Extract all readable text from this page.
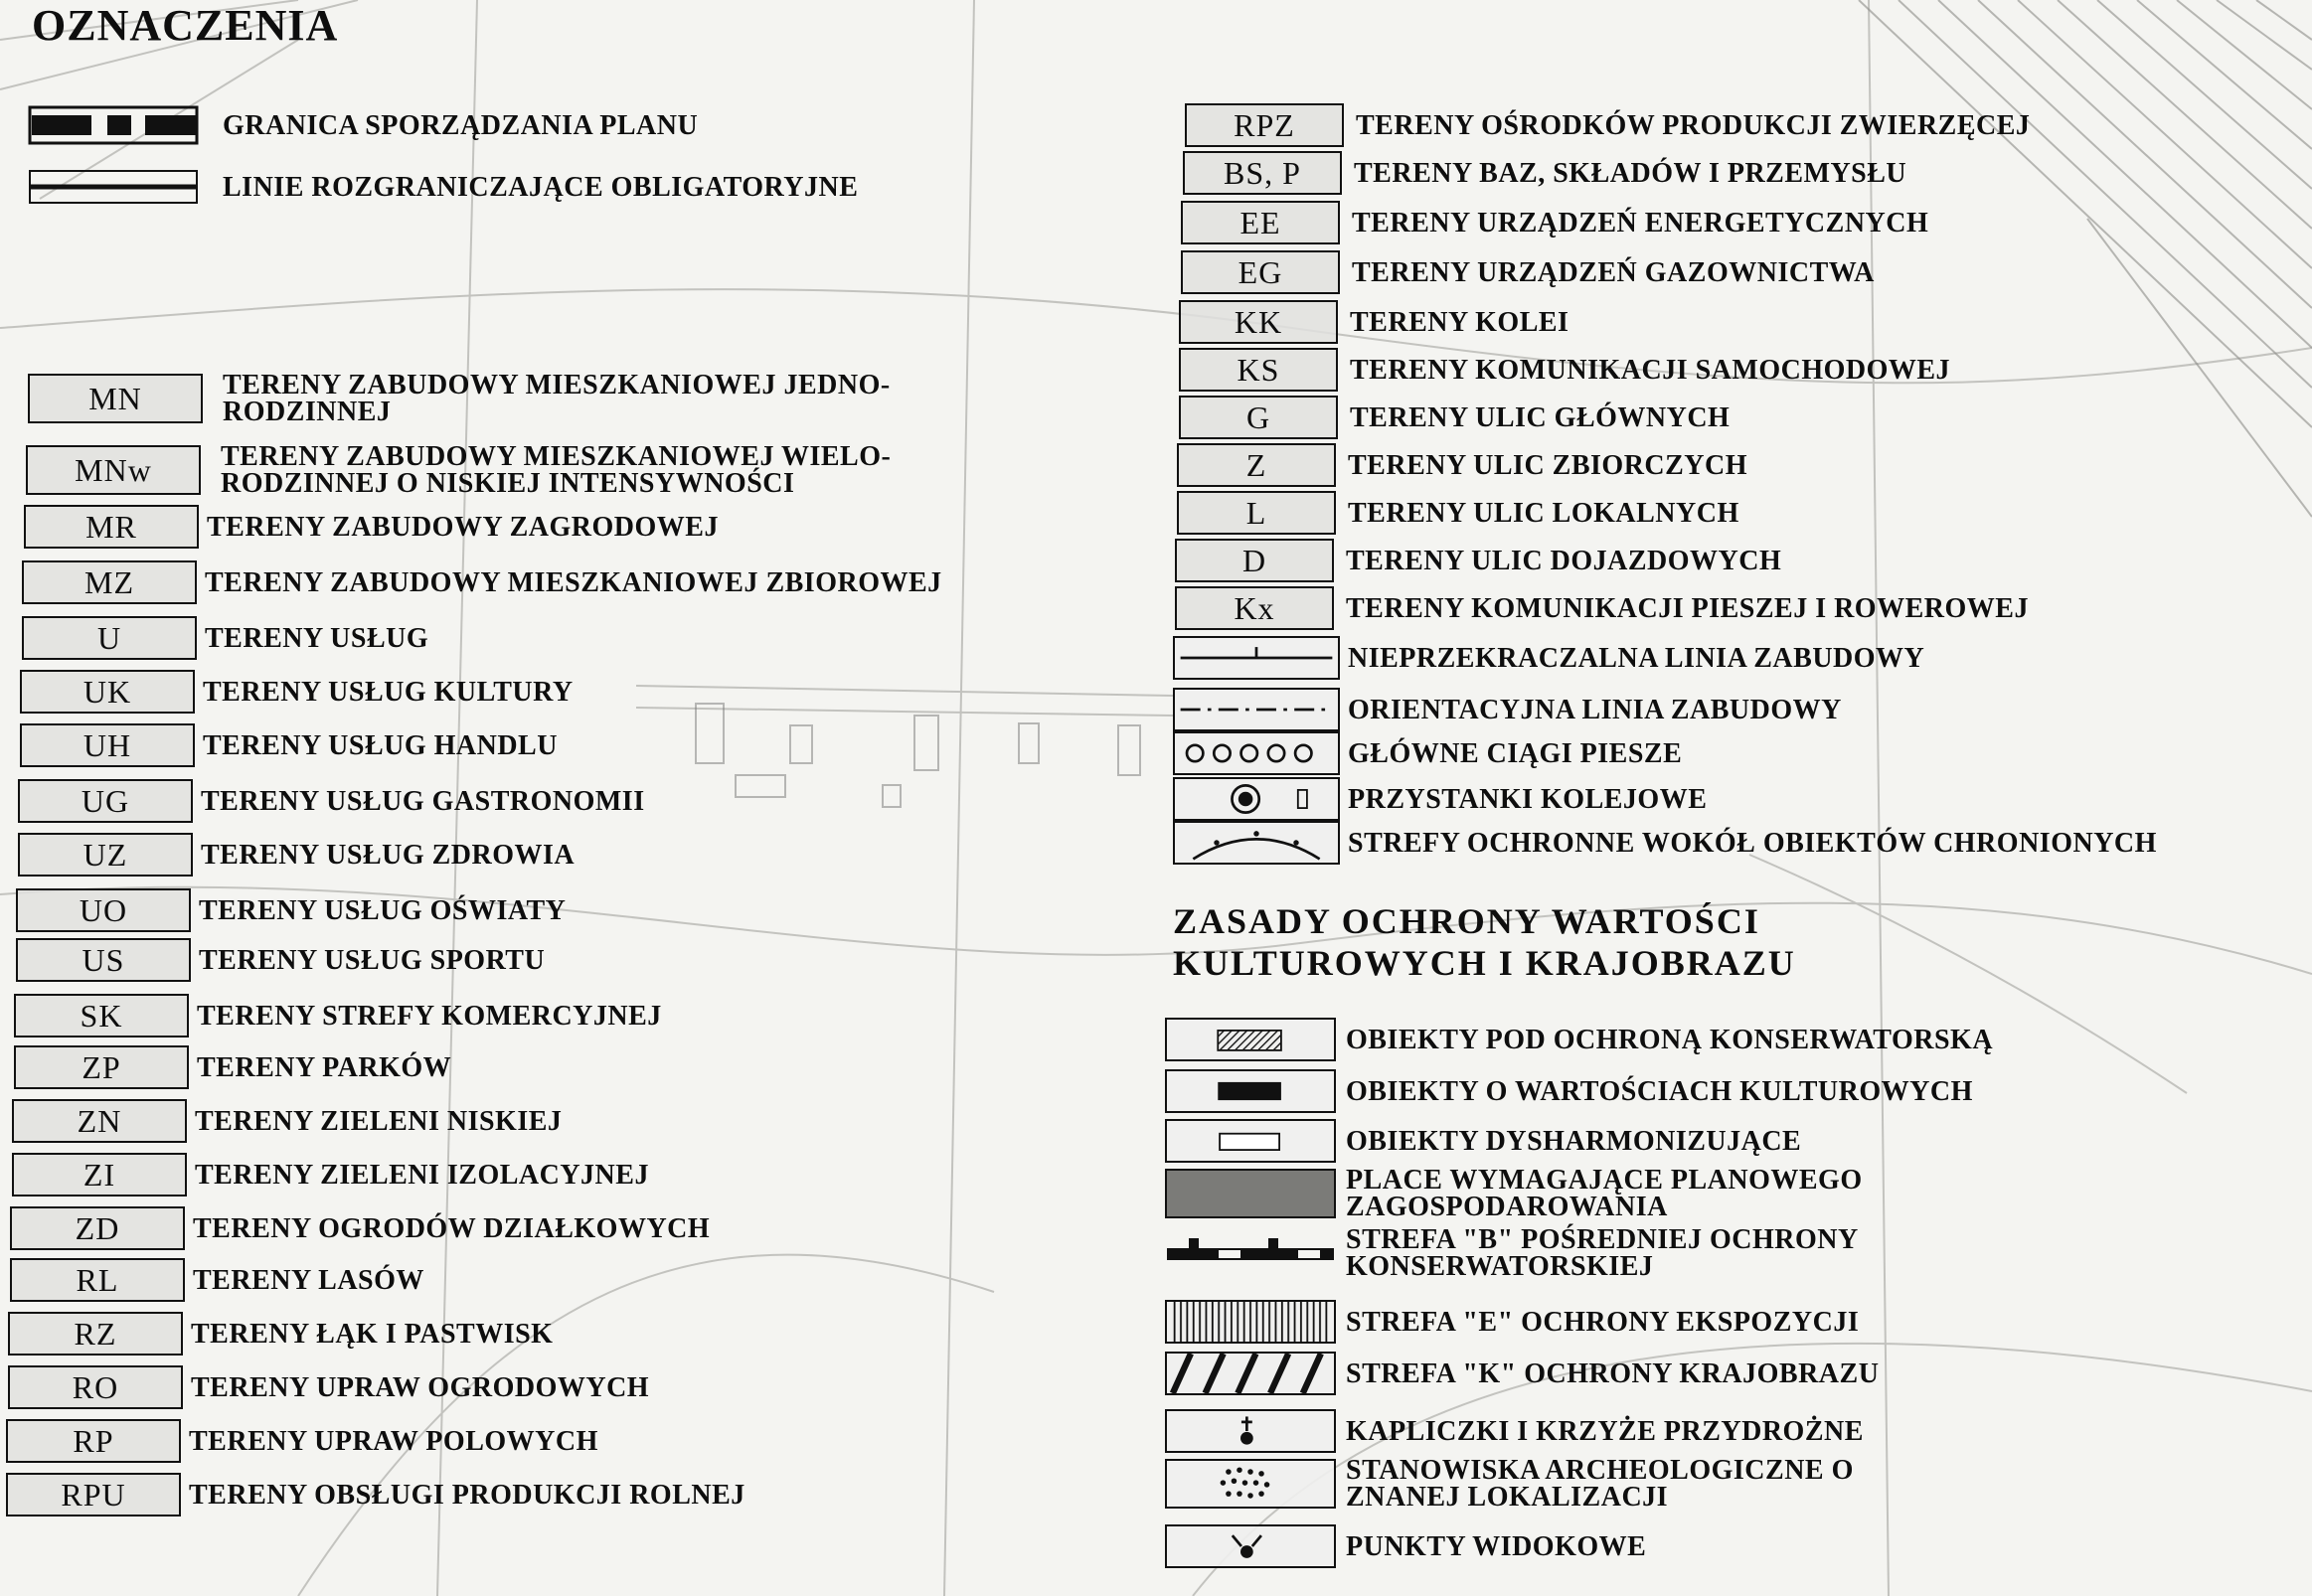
OZNACZENIA
GRANICA SPORZĄDZANIA PLANU
LINIE ROZGRANICZAJĄCE OBLIGATORYJNE
MN	TERENY ZABUDOWY MIESZKANIOWEJ JEDNO-
RODZINNEJ
MNw	TERENY ZABUDOWY MIESZKANIOWEJ WIELO-
RODZINNEJ O NISKIEJ INTENSYWNOŚCI
MR	TERENY ZABUDOWY ZAGRODOWEJ
MZ	TERENY ZABUDOWY MIESZKANIOWEJ ZBIOROWEJ
U	TERENY USŁUG
UK	TERENY USŁUG KULTURY
UH	TERENY USŁUG HANDLU
UG	TERENY USŁUG GASTRONOMII
UZ	TERENY USŁUG ZDROWIA
UO	TERENY USŁUG OŚWIATY
US	TERENY USŁUG SPORTU
SK	TERENY STREFY KOMERCYJNEJ
ZP	TERENY PARKÓW
ZN	TERENY ZIELENI NISKIEJ
ZI	TERENY ZIELENI IZOLACYJNEJ
ZD	TERENY OGRODÓW DZIAŁKOWYCH
RL	TERENY LASÓW
RZ	TERENY ŁĄK I PASTWISK
RO	TERENY UPRAW OGRODOWYCH
RP	TERENY UPRAW POLOWYCH
RPU	TERENY OBSŁUGI PRODUKCJI ROLNEJ
RPZ	TERENY OŚRODKÓW PRODUKCJI ZWIERZĘCEJ
BS, P	TERENY BAZ, SKŁADÓW I PRZEMYSŁU
EE	TERENY URZĄDZEŃ ENERGETYCZNYCH
EG	TERENY URZĄDZEŃ GAZOWNICTWA
KK	TERENY KOLEI
KS	TERENY KOMUNIKACJI SAMOCHODOWEJ
G	TERENY ULIC GŁÓWNYCH
Z	TERENY ULIC ZBIORCZYCH
L	TERENY ULIC LOKALNYCH
D	TERENY ULIC DOJAZDOWYCH
Kx	TERENY KOMUNIKACJI PIESZEJ I ROWEROWEJ
NIEPRZEKRACZALNA LINIA ZABUDOWY
ORIENTACYJNA LINIA ZABUDOWY
GŁÓWNE CIĄGI PIESZE
PRZYSTANKI KOLEJOWE
STREFY OCHRONNE WOKÓŁ OBIEKTÓW CHRONIONYCH
ZASADY OCHRONY WARTOŚCI
KULTUROWYCH I KRAJOBRAZU
OBIEKTY POD OCHRONĄ KONSERWATORSKĄ
OBIEKTY O WARTOŚCIACH KULTUROWYCH
OBIEKTY DYSHARMONIZUJĄCE
PLACE WYMAGAJĄCE PLANOWEGO
ZAGOSPODAROWANIA
STREFA "B" POŚREDNIEJ OCHRONY
KONSERWATORSKIEJ
STREFA "E" OCHRONY EKSPOZYCJI
STREFA "K" OCHRONY KRAJOBRAZU
KAPLICZKI I KRZYŻE PRZYDROŻNE
STANOWISKA ARCHEOLOGICZNE O
ZNANEJ LOKALIZACJI
PUNKTY WIDOKOWE
